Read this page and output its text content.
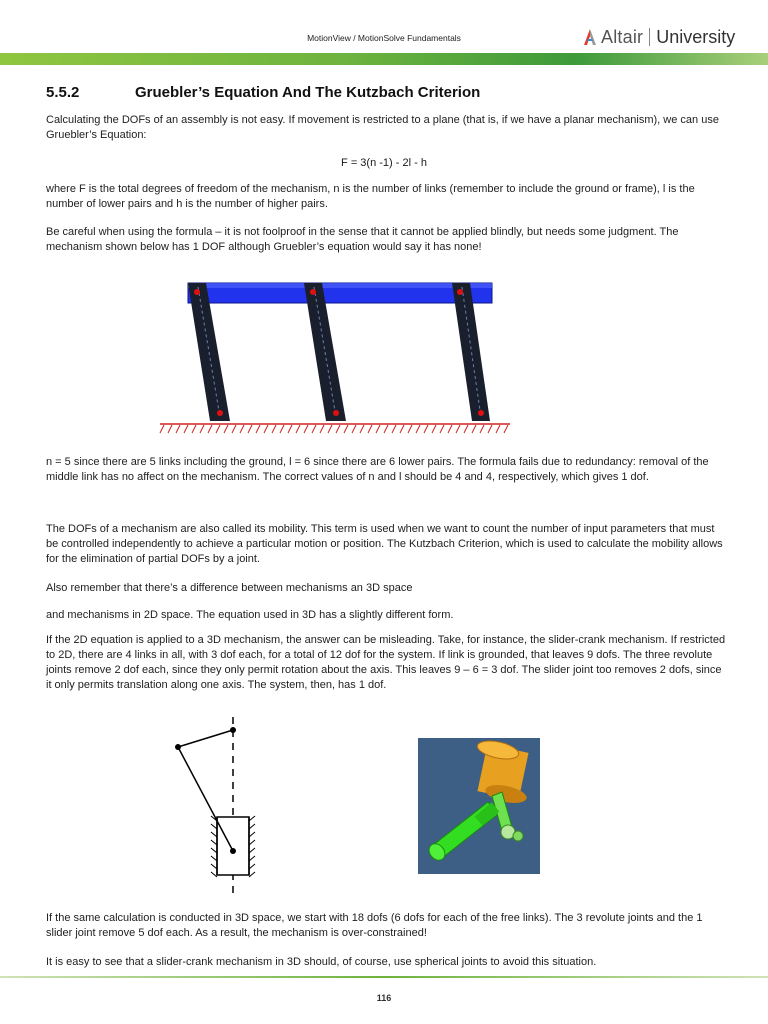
MotionView / MotionSolve Fundamentals	Altair University
5.5.2	Gruebler’s Equation And The Kutzbach Criterion

Calculating the DOFs of an assembly is not easy. If movement is restricted to a plane (that is, if we have a planar mechanism), we can use Gruebler’s Equation:

F = 3(n -1) - 2l - h

where F is the total degrees of freedom of the mechanism, n is the number of links (remember to include the ground or frame), l is the number of lower pairs and h is the number of higher pairs.

Be careful when using the formula – it is not foolproof in the sense that it cannot be applied blindly, but needs some judgment. The mechanism shown below has 1 DOF although Gruebler’s equation would say it has none!

n = 5 since there are 5 links including the ground, l = 6 since there are 6 lower pairs. The formula fails due to redundancy: removal of the middle link has no affect on the mechanism. The correct values of n and l should be 4 and 4, respectively, which gives 1 dof.

The DOFs of a mechanism are also called its mobility. This term is used when we want to count the number of input parameters that must be controlled independently to achieve a particular motion or position. The Kutzbach Criterion, which is used to calculate the mobility allows for the elimination of partial DOFs by a joint.

Also remember that there’s a difference between mechanisms an 3D space

and mechanisms in 2D space. The equation used in 3D has a slightly different form.

If the 2D equation is applied to a 3D mechanism, the answer can be misleading. Take, for instance, the slider-crank mechanism. If restricted to 2D, there are 4 links in all, with 3 dof each, for a total of 12 dof for the system. If link is grounded, that leaves 9 dofs. The three revolute joints remove 2 dof each, since they only permit rotation about the axis. This leaves 9 – 6 = 3 dof. The slider joint too removes 2 dofs, since it only permits translation along one axis. The system, then, has 1 dof.

If the same calculation is conducted in 3D space, we start with 18 dofs (6 dofs for each of the free links). The 3 revolute joints and the 1 slider joint remove 5 dof each. As a result, the mechanism is over-constrained!

It is easy to see that a slider-crank mechanism in 3D should, of course, use spherical joints to avoid this situation.

116
